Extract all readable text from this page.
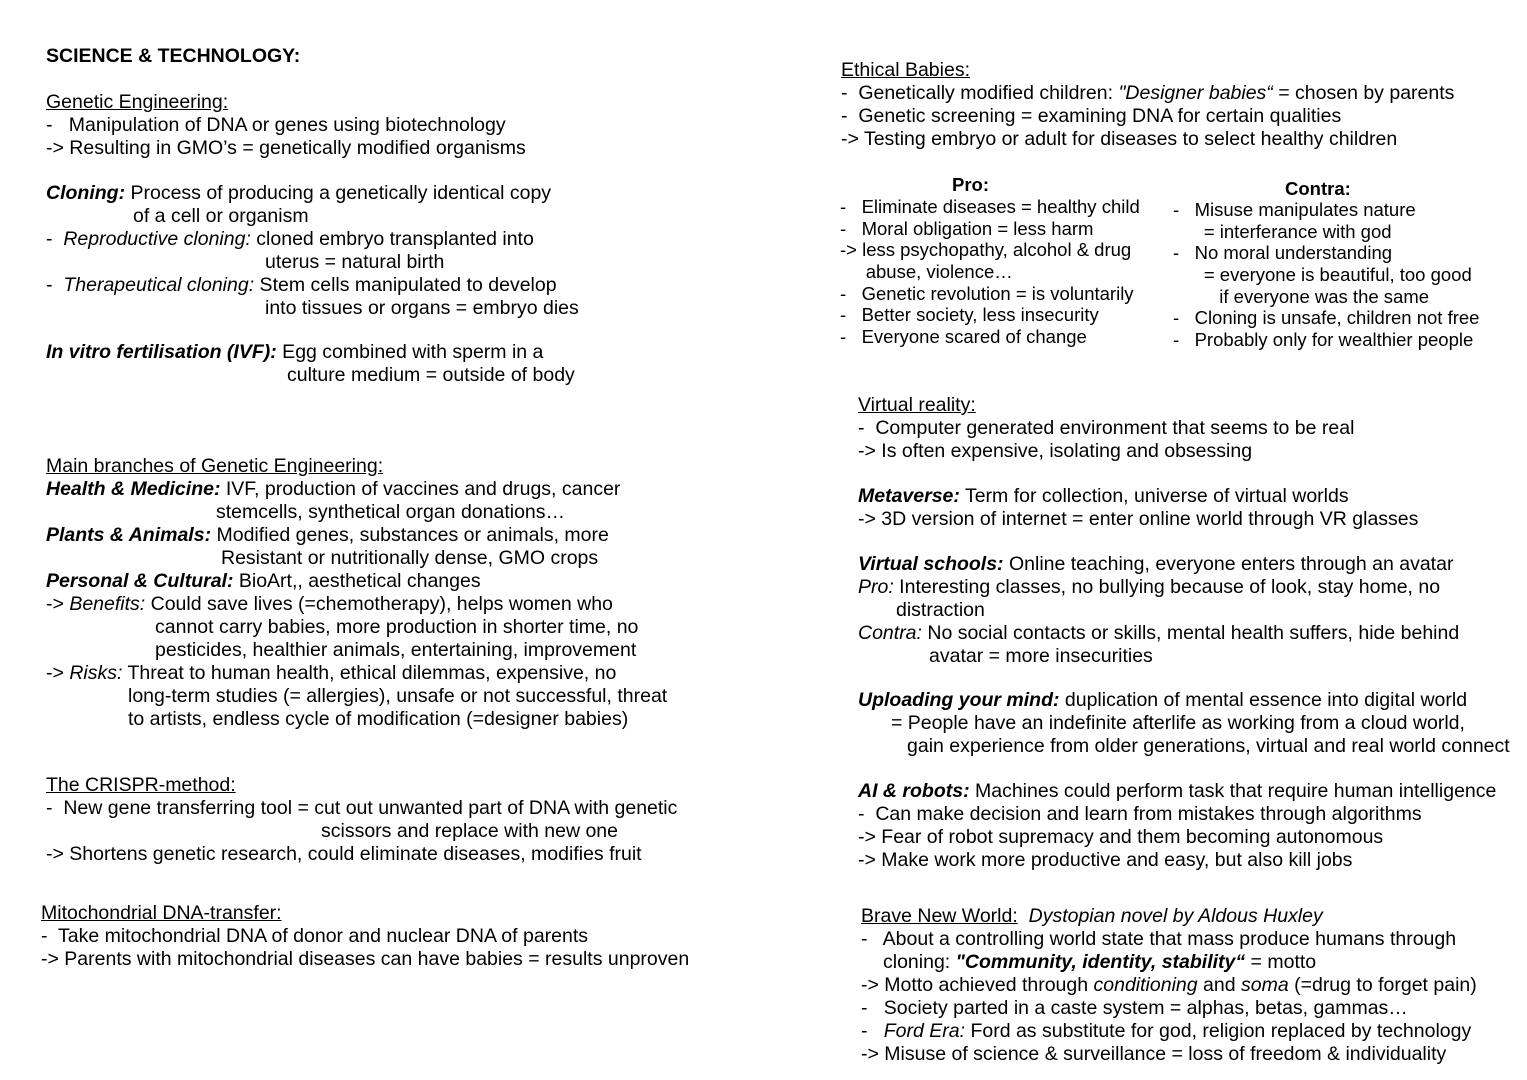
SCIENCE & TECHNOLOGY:
Genetic Engineering:
-   Manipulation of DNA or genes using biotechnology
-> Resulting in GMO’s = genetically modified organisms
Cloning: Process of producing a genetically identical copy
of a cell or organism
-  Reproductive cloning: cloned embryo transplanted into
uterus = natural birth
-  Therapeutical cloning: Stem cells manipulated to develop
into tissues or organs = embryo dies
In vitro fertilisation (IVF): Egg combined with sperm in a
culture medium = outside of body
Main branches of Genetic Engineering:
Health & Medicine: IVF, production of vaccines and drugs, cancer
stemcells, synthetical organ donations…
Plants & Animals: Modified genes, substances or animals, more
Resistant or nutritionally dense, GMO crops
Personal & Cultural: BioArt,, aesthetical changes
-> Benefits: Could save lives (=chemotherapy), helps women who
cannot carry babies, more production in shorter time, no
pesticides, healthier animals, entertaining, improvement
-> Risks: Threat to human health, ethical dilemmas, expensive, no
long-term studies (= allergies), unsafe or not successful, threat
to artists, endless cycle of modification (=designer babies)
The CRISPR-method:
-  New gene transferring tool = cut out unwanted part of DNA with genetic
scissors and replace with new one
-> Shortens genetic research, could eliminate diseases, modifies fruit
Mitochondrial DNA-transfer:
-  Take mitochondrial DNA of donor and nuclear DNA of parents
-> Parents with mitochondrial diseases can have babies = results unproven
Ethical Babies:
-  Genetically modified children: "Designer babies“ = chosen by parents
-  Genetic screening = examining DNA for certain qualities
-> Testing embryo or adult for diseases to select healthy children
Pro:
-   Eliminate diseases = healthy child
-   Moral obligation = less harm
-> less psychopathy, alcohol & drug
abuse, violence…
-   Genetic revolution = is voluntarily
-   Better society, less insecurity
-   Everyone scared of change
Contra:
-   Misuse manipulates nature
= interferance with god
-   No moral understanding
= everyone is beautiful, too good
if everyone was the same
-   Cloning is unsafe, children not free
-   Probably only for wealthier people
Virtual reality:
-  Computer generated environment that seems to be real
-> Is often expensive, isolating and obsessing
Metaverse: Term for collection, universe of virtual worlds
-> 3D version of internet = enter online world through VR glasses
Virtual schools: Online teaching, everyone enters through an avatar
Pro: Interesting classes, no bullying because of look, stay home, no
distraction
Contra: No social contacts or skills, mental health suffers, hide behind
avatar = more insecurities
Uploading your mind: duplication of mental essence into digital world
= People have an indefinite afterlife as working from a cloud world,
gain experience from older generations, virtual and real world connect
AI & robots: Machines could perform task that require human intelligence
-  Can make decision and learn from mistakes through algorithms
-> Fear of robot supremacy and them becoming autonomous
-> Make work more productive and easy, but also kill jobs
Brave New World:  Dystopian novel by Aldous Huxley
-   About a controlling world state that mass produce humans through
cloning: "Community, identity, stability“ = motto
-> Motto achieved through conditioning and soma (=drug to forget pain)
-   Society parted in a caste system = alphas, betas, gammas…
-   Ford Era: Ford as substitute for god, religion replaced by technology
-> Misuse of science & surveillance = loss of freedom & individuality
